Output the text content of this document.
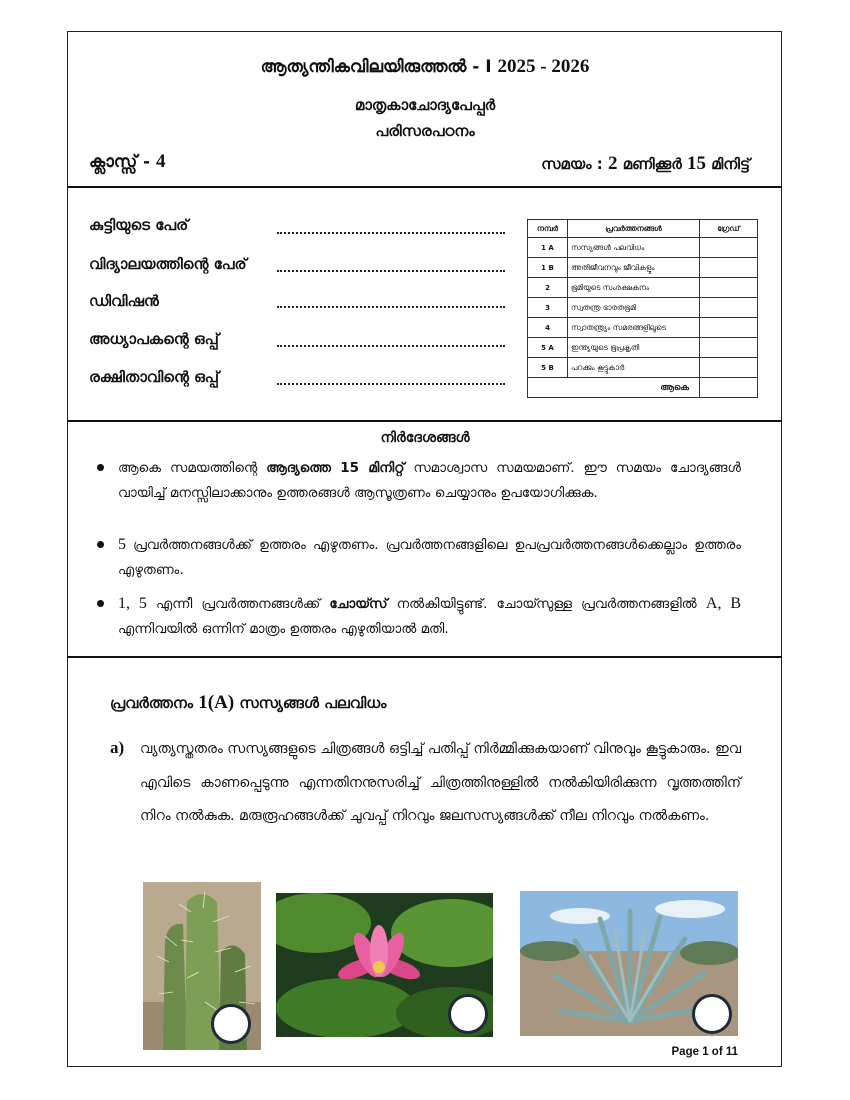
ആത്യന്തികവിലയിരുത്തൽ - I 2025 - 2026
മാതൃകാചോദ്യപേപ്പർ
പരിസരപഠനം
ക്ലാസ്സ് - 4	സമയം : 2 മണിക്കൂർ 15 മിനിട്ട്
കുട്ടിയുടെ പേര്
വിദ്യാലയത്തിന്റെ പേര്
ഡിവിഷൻ
അധ്യാപകന്റെ ഒപ്പ്
രക്ഷിതാവിന്റെ ഒപ്പ്
നമ്പർ	പ്രവർത്തനങ്ങൾ	ഗ്രേഡ്
1 A	സസ്യങ്ങൾ പലവിധം	
1 B	അതിജീവനവും ജീവികളും	
2	ഭൂമിയുടെ സംരക്ഷകനം	
3	സ്വതന്ത്ര ഭാരതഭൂമി	
4	സ്വാതന്ത്ര്യം സമരങ്ങളിലൂടെ	
5 A	ഇന്ത്യയുടെ ഭൂപ്രകൃതി	
5 B	പറക്കും കൂട്ടുകാർ	
ആകെ		
നിർദേശങ്ങൾ
ആകെ സമയത്തിന്റെ ആദ്യത്തെ 15 മിനിറ്റ് സമാശ്വാസ സമയമാണ്. ഈ സമയം ചോദ്യങ്ങൾ വായിച്ച് മനസ്സിലാക്കാനും ഉത്തരങ്ങൾ ആസൂത്രണം ചെയ്യാനും ഉപയോഗിക്കുക.
5 പ്രവർത്തനങ്ങൾക്ക് ഉത്തരം എഴുതണം. പ്രവർത്തനങ്ങളിലെ ഉപപ്രവർത്തനങ്ങൾക്കെല്ലാം ഉത്തരം എഴുതണം.
1, 5 എന്നീ പ്രവർത്തനങ്ങൾക്ക് ചോയ്സ് നൽകിയിട്ടുണ്ട്. ചോയ്സുള്ള പ്രവർത്തനങ്ങളിൽ A, B എന്നിവയിൽ ഒന്നിന് മാത്രം ഉത്തരം എഴുതിയാൽ മതി.
പ്രവർത്തനം 1(A) സസ്യങ്ങൾ പലവിധം
a) വ്യത്യസ്തതരം സസ്യങ്ങളുടെ ചിത്രങ്ങൾ ഒട്ടിച്ച് പതിപ്പ് നിർമ്മിക്കുകയാണ് വിനുവും കൂട്ടുകാരും. ഇവ എവിടെ കാണപ്പെടുന്നു എന്നതിനനുസരിച്ച് ചിത്രത്തിനുള്ളിൽ നൽകിയിരിക്കുന്ന വൃത്തത്തിന് നിറം നൽകുക. മരുരൂഹങ്ങൾക്ക് ചുവപ്പ് നിറവും ജലസസ്യങ്ങൾക്ക് നീല നിറവും നൽകണം.
Page 1 of 11
